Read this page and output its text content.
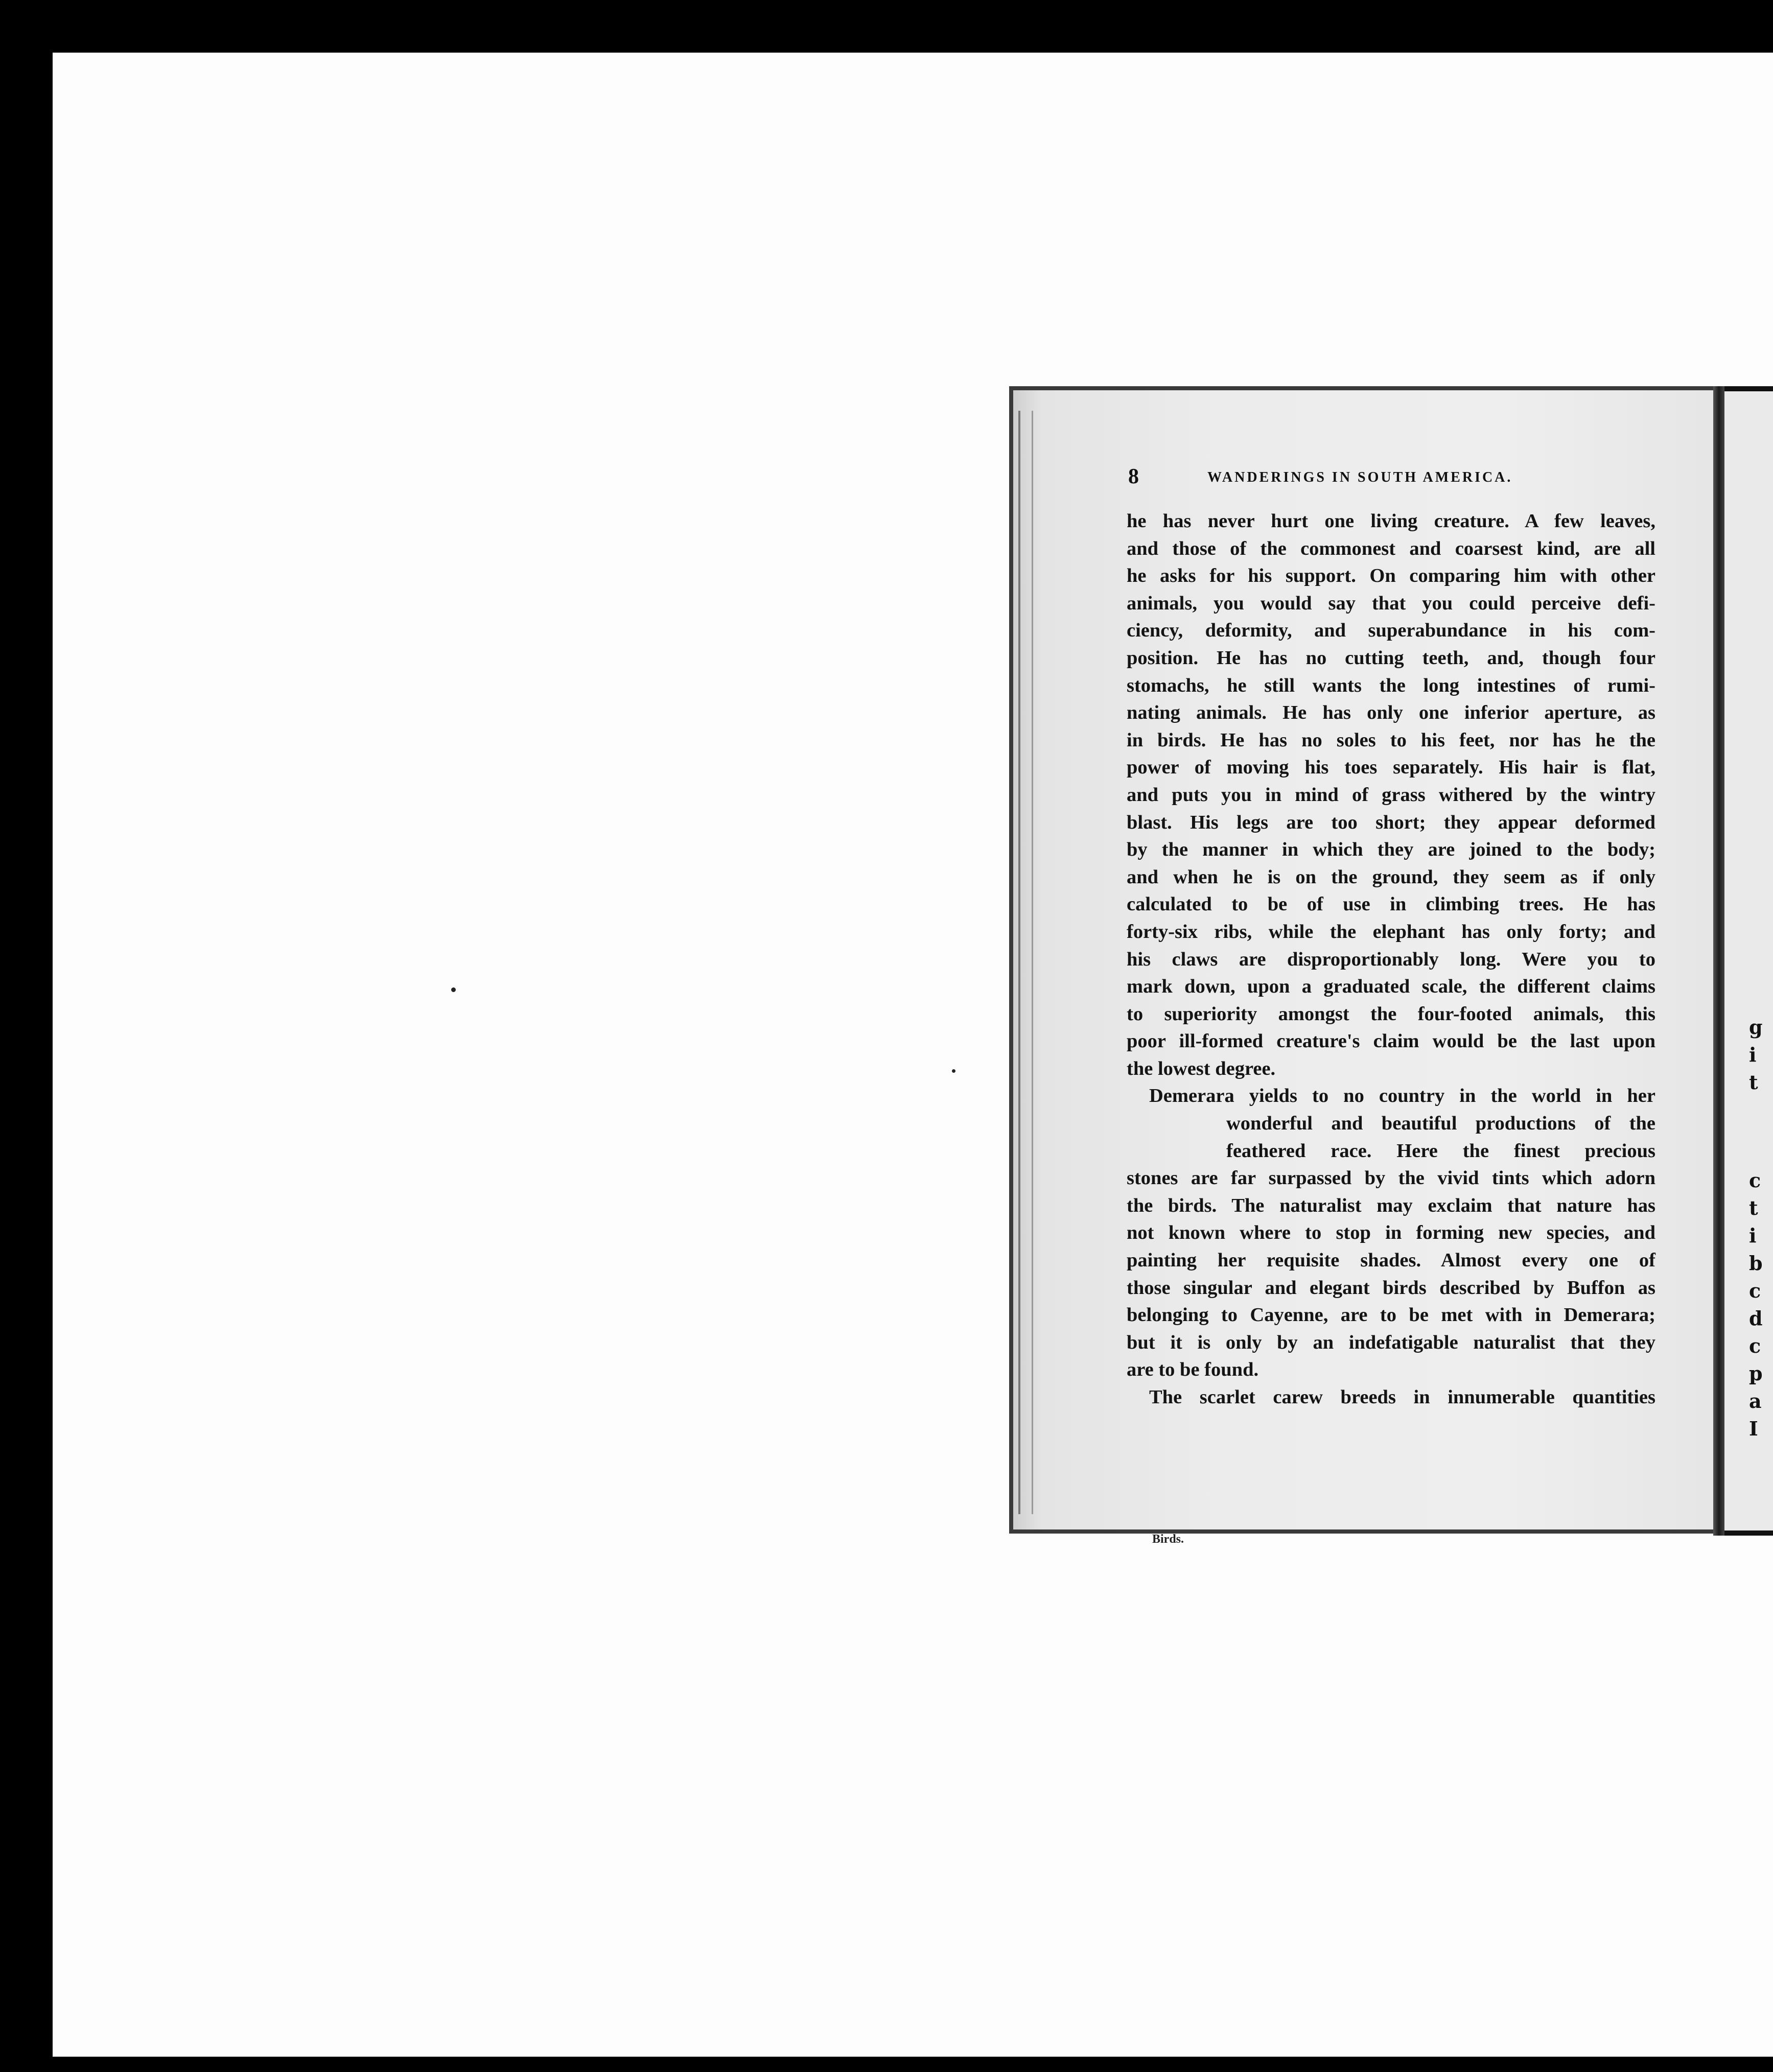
8	WANDERINGS IN SOUTH AMERICA.
he has never hurt one living creature. A few leaves,
and those of the commonest and coarsest kind, are all
he asks for his support. On comparing him with other
animals, you would say that you could perceive defi-
ciency, deformity, and superabundance in his com-
position. He has no cutting teeth, and, though four
stomachs, he still wants the long intestines of rumi-
nating animals. He has only one inferior aperture, as
in birds. He has no soles to his feet, nor has he the
power of moving his toes separately. His hair is flat,
and puts you in mind of grass withered by the wintry
blast. His legs are too short; they appear deformed
by the manner in which they are joined to the body;
and when he is on the ground, they seem as if only
calculated to be of use in climbing trees. He has
forty-six ribs, while the elephant has only forty; and
his claws are disproportionably long. Were you to
mark down, upon a graduated scale, the different claims
to superiority amongst the four-footed animals, this
poor ill-formed creature's claim would be the last upon
the lowest degree.
Demerara yields to no country in the world in her
wonderful and beautiful productions of the
feathered race. Here the finest precious
stones are far surpassed by the vivid tints which adorn
the birds. The naturalist may exclaim that nature has
not known where to stop in forming new species, and
painting her requisite shades. Almost every one of
those singular and elegant birds described by Buffon as
belonging to Cayenne, are to be met with in Demerara;
but it is only by an indefatigable naturalist that they
are to be found.
The scarlet carew breeds in innumerable quantities
Birds.
g
i
t
c
t
i
b
c
d
c
p
a
I
